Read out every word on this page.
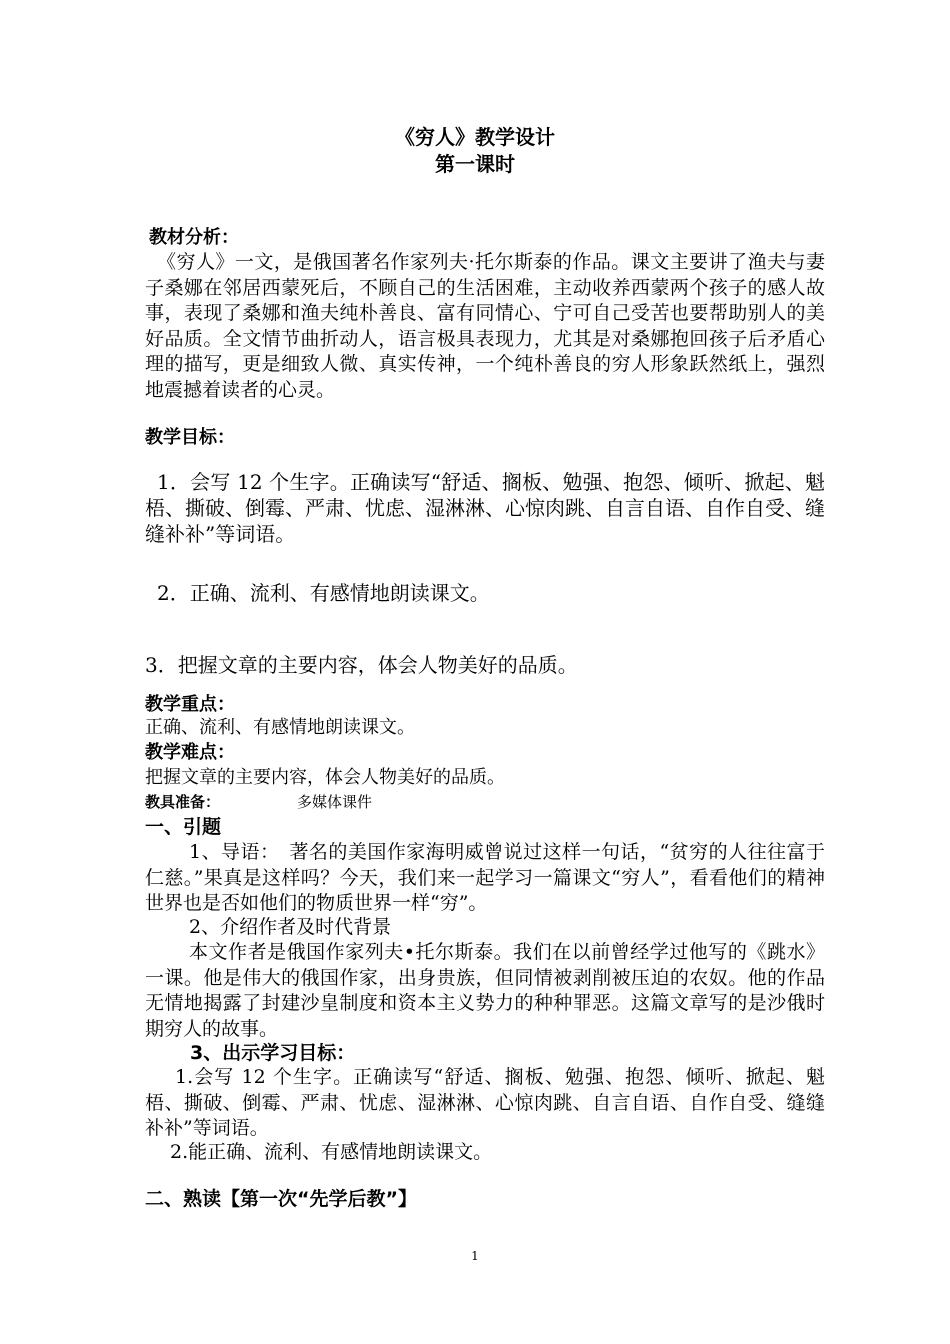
《穷人》教学设计
第一课时
教材分析：
《穷人》一文，是俄国著名作家列夫·托尔斯泰的作品。课文主要讲了渔夫与妻子桑娜在邻居西蒙死后，不顾自己的生活困难，主动收养西蒙两个孩子的感人故事，表现了桑娜和渔夫纯朴善良、富有同情心、宁可自己受苦也要帮助别人的美好品质。全文情节曲折动人，语言极具表现力，尤其是对桑娜抱回孩子后矛盾心理的描写，更是细致人微、真实传神，一个纯朴善良的穷人形象跃然纸上，强烈地震撼着读者的心灵。
教学目标：
1．会写 12 个生字。正确读写“舒适、搁板、勉强、抱怨、倾听、掀起、魁梧、撕破、倒霉、严肃、忧虑、湿淋淋、心惊肉跳、自言自语、自作自受、缝缝补补”等词语。
2．正确、流利、有感情地朗读课文。
3．把握文章的主要内容，体会人物美好的品质。
教学重点：
正确、流利、有感情地朗读课文。
教学难点：
把握文章的主要内容，体会人物美好的品质。
教具准备：	多媒体课件
一、引题
1、导语：　著名的美国作家海明威曾说过这样一句话，“贫穷的人往往富于仁慈。”果真是这样吗？今天，我们来一起学习一篇课文“穷人”，看看他们的精神世界也是否如他们的物质世界一样“穷”。
2、介绍作者及时代背景
本文作者是俄国作家列夫•托尔斯泰。我们在以前曾经学过他写的《跳水》一课。他是伟大的俄国作家，出身贵族，但同情被剥削被压迫的农奴。他的作品无情地揭露了封建沙皇制度和资本主义势力的种种罪恶。这篇文章写的是沙俄时期穷人的故事。
3、出示学习目标：
1.会写 12 个生字。正确读写“舒适、搁板、勉强、抱怨、倾听、掀起、魁梧、撕破、倒霉、严肃、忧虑、湿淋淋、心惊肉跳、自言自语、自作自受、缝缝补补”等词语。
2.能正确、流利、有感情地朗读课文。
二、熟读【第一次“先学后教”】
1
